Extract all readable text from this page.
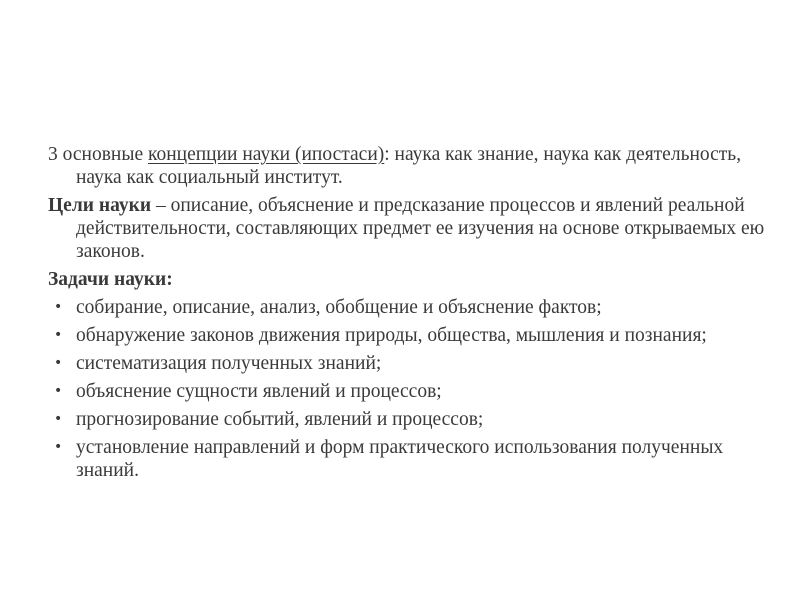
3 основные концепции науки (ипостаси): наука как знание, наука как деятельность, наука как социальный институт.

Цели науки – описание, объяснение и предсказание процессов и явлений реальной действительности, составляющих предмет ее изучения на основе открываемых ею законов.

Задачи науки:

• собирание, описание, анализ, обобщение и объяснение фактов;
• обнаружение законов движения природы, общества, мышления и познания;
• систематизация полученных знаний;
• объяснение сущности явлений и процессов;
• прогнозирование событий, явлений и процессов;
• установление направлений и форм практического использования полученных знаний.
